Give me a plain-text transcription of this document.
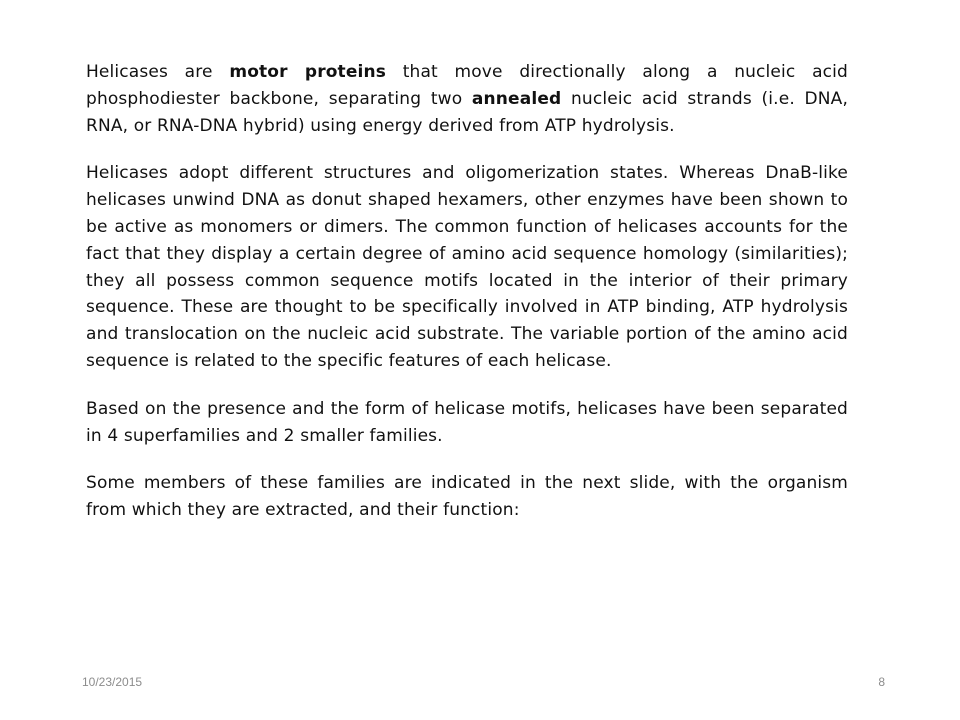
Helicases are motor proteins that move directionally along a nucleic acid phosphodiester backbone, separating two annealed nucleic acid strands (i.e. DNA, RNA, or RNA-DNA hybrid) using energy derived from ATP hydrolysis.

Helicases adopt different structures and oligomerization states. Whereas DnaB-like helicases unwind DNA as donut shaped hexamers, other enzymes have been shown to be active as monomers or dimers. The common function of helicases accounts for the fact that they display a certain degree of amino acid sequence homology (similarities); they all possess common sequence motifs located in the interior of their primary sequence. These are thought to be specifically involved in ATP binding, ATP hydrolysis and translocation on the nucleic acid substrate. The variable portion of the amino acid sequence is related to the specific features of each helicase.

Based on the presence and the form of helicase motifs, helicases have been separated in 4 superfamilies and 2 smaller families.

Some members of these families are indicated in the next slide, with the organism from which they are extracted, and their function:

10/23/2015	8
